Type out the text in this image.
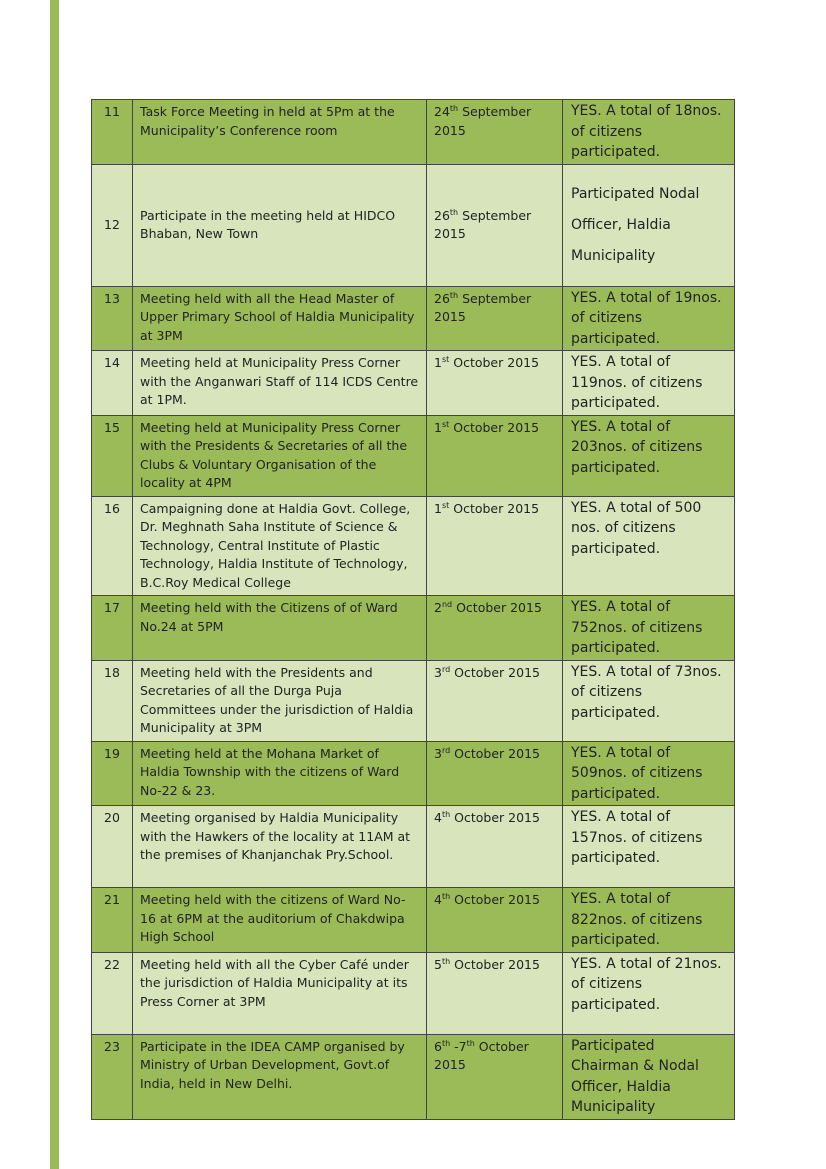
11	Task Force Meeting in held at 5Pm at the Municipality’s Conference room	24th September 2015	YES. A total of 18nos. of citizens participated.
12	Participate in the meeting held at HIDCO Bhaban, New Town	26th September 2015	Participated Nodal Officer, Haldia Municipality
13	Meeting held with all the Head Master of Upper Primary School of Haldia Municipality at 3PM	26th September 2015	YES. A total of 19nos. of citizens participated.
14	Meeting held at Municipality Press Corner with the Anganwari Staff of 114 ICDS Centre at 1PM.	1st October 2015	YES. A total of 119nos. of citizens participated.
15	Meeting held at Municipality Press Corner with the Presidents & Secretaries of all the Clubs & Voluntary Organisation of the locality at 4PM	1st October 2015	YES. A total of 203nos. of citizens participated.
16	Campaigning done at Haldia Govt. College, Dr. Meghnath Saha Institute of Science & Technology, Central Institute of Plastic Technology, Haldia Institute of Technology, B.C.Roy Medical College	1st October 2015	YES. A total of 500 nos. of citizens participated.
17	Meeting held with the Citizens of of Ward No.24 at 5PM	2nd October 2015	YES. A total of 752nos. of citizens participated.
18	Meeting held with the Presidents and Secretaries of all the Durga Puja Committees under the jurisdiction of Haldia Municipality at 3PM	3rd October 2015	YES. A total of 73nos. of citizens participated.
19	Meeting held at the Mohana Market of Haldia Township with the citizens of Ward No-22 & 23.	3rd October 2015	YES. A total of 509nos. of citizens participated.
20	Meeting organised by Haldia Municipality with the Hawkers of the locality at 11AM at the premises of Khanjanchak Pry.School.	4th October 2015	YES. A total of 157nos. of citizens participated.
21	Meeting held with the citizens of Ward No-16 at 6PM at the auditorium of Chakdwipa High School	4th October 2015	YES. A total of 822nos. of citizens participated.
22	Meeting held with all the Cyber Café under the jurisdiction of Haldia Municipality at its Press Corner at 3PM	5th October 2015	YES. A total of 21nos. of citizens participated.
23	Participate in the IDEA CAMP organised by Ministry of Urban Development, Govt.of India, held in New Delhi.	6th -7th October 2015	Participated Chairman & Nodal Officer, Haldia Municipality
